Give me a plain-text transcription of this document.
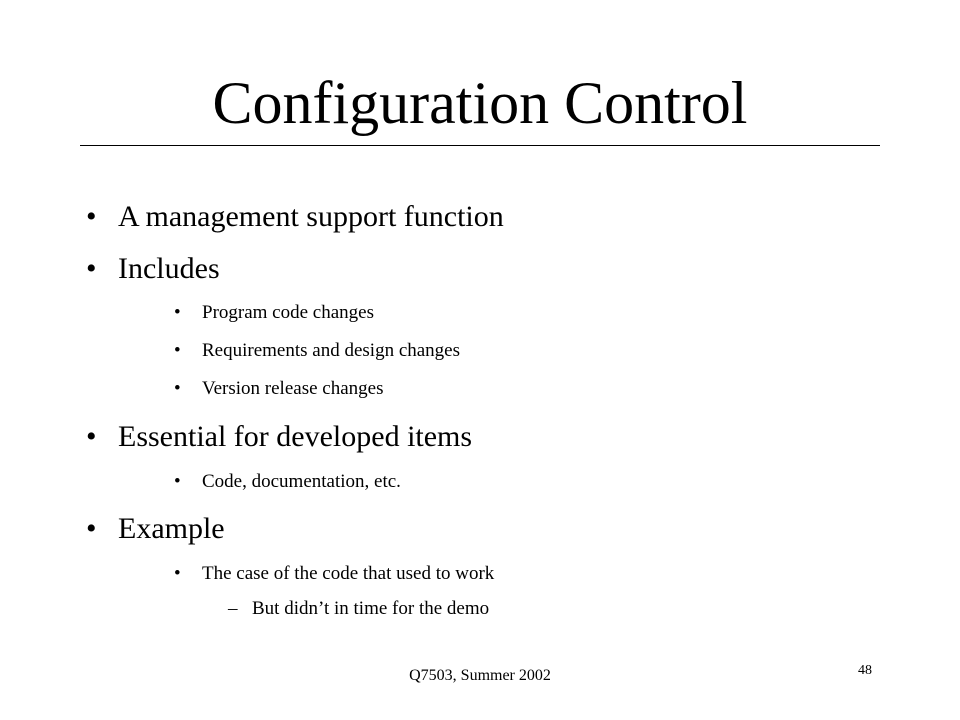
Configuration Control
• A management support function
• Includes
• Program code changes
• Requirements and design changes
• Version release changes
• Essential for developed items
• Code, documentation, etc.
• Example
• The case of the code that used to work
– But didn’t in time for the demo
Q7503, Summer 2002	48
